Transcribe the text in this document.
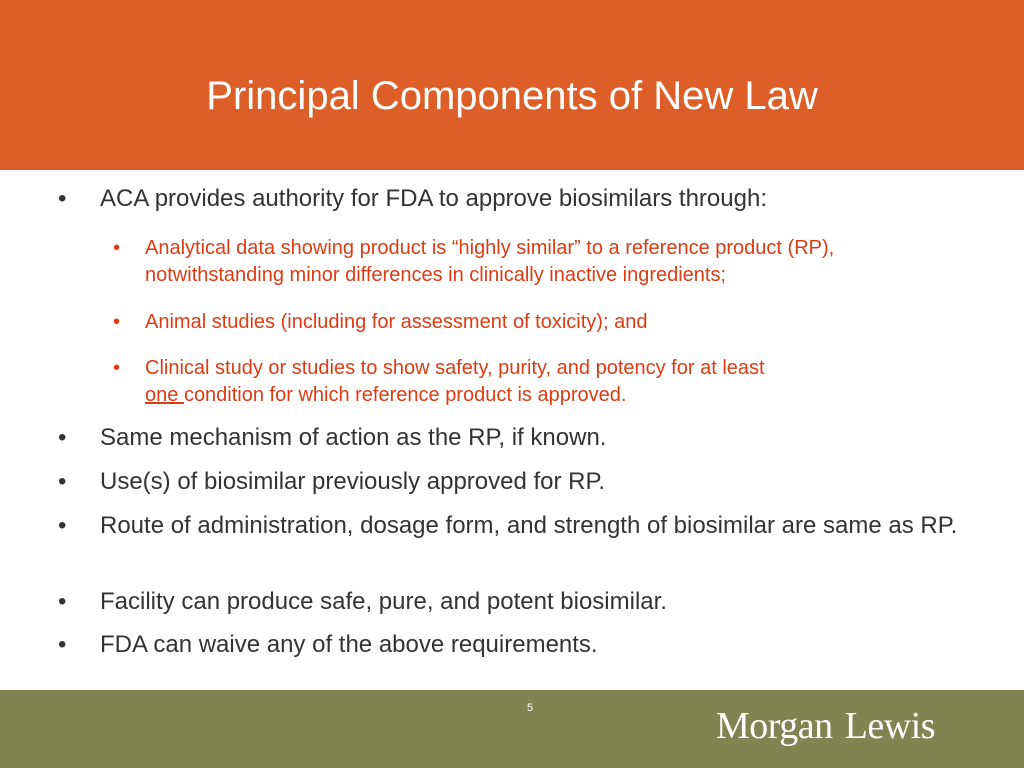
Principal Components of New Law
• ACA provides authority for FDA to approve biosimilars through:
• Analytical data showing product is “highly similar” to a reference product (RP), notwithstanding minor differences in clinically inactive ingredients;
• Animal studies (including for assessment of toxicity); and
• Clinical study or studies to show safety, purity, and potency for at least
one condition for which reference product is approved.
• Same mechanism of action as the RP, if known.
• Use(s) of biosimilar previously approved for RP.
• Route of administration, dosage form, and strength of biosimilar are same as RP.
• Facility can produce safe, pure, and potent biosimilar.
• FDA can waive any of the above requirements.
5	Morgan Lewis
